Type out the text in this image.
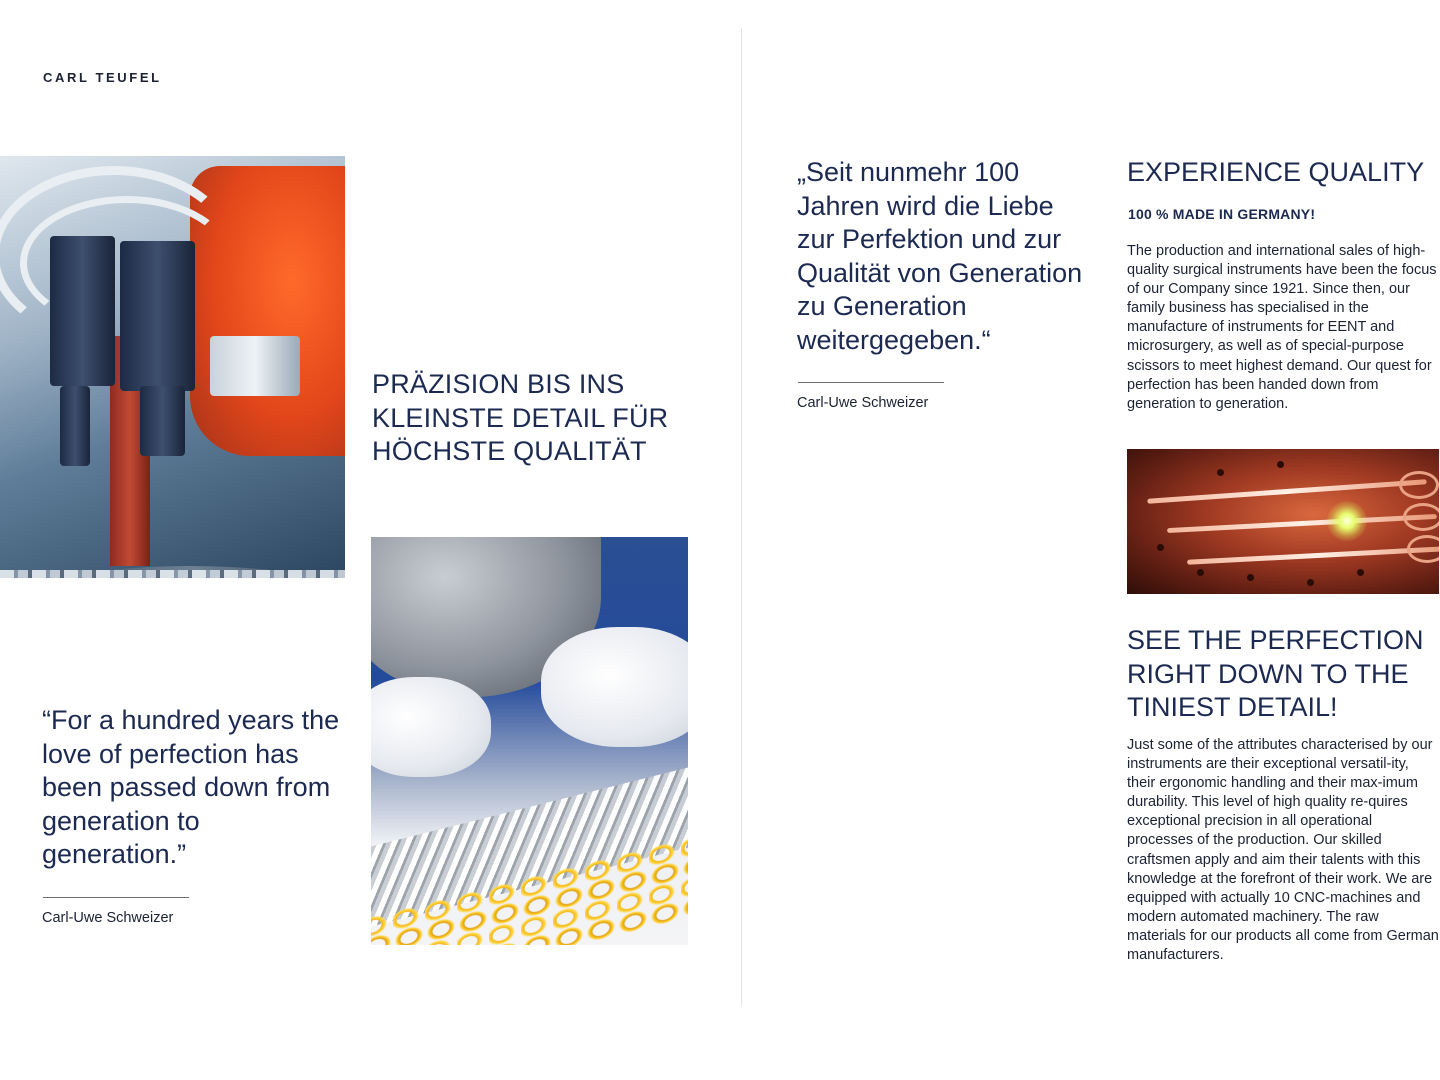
CARL TEUFEL
PRÄZISION BIS INS KLEINSTE DETAIL FÜR HÖCHSTE QUALITÄT
“For a hundred years the love of perfection has been passed down from generation to generation.”
Carl-Uwe Schweizer
„Seit nunmehr 100 Jahren wird die Liebe zur Perfektion und zur Qualität von Generation zu Generation weitergegeben.“
Carl-Uwe Schweizer
EXPERIENCE QUALITY
100 % MADE IN GERMANY!
The production and international sales of high-quality surgical instruments have been the focus of our Company since 1921. Since then, our family business has specialised in the manufacture of instruments for EENT and microsurgery, as well as of special-purpose scissors to meet highest demand. Our quest for perfection has been handed down from generation to generation.
SEE THE PERFECTION RIGHT DOWN TO THE TINIEST DETAIL!
Just some of the attributes characterised by our instruments are their exceptional versatil-ity, their ergonomic handling and their max-imum durability. This level of high quality re-quires exceptional precision in all operational processes of the production. Our skilled craftsmen apply and aim their talents with this knowledge at the forefront of their work. We are equipped with actually 10 CNC-machines and modern automated machinery. The raw materials for our products all come from German manufacturers.
